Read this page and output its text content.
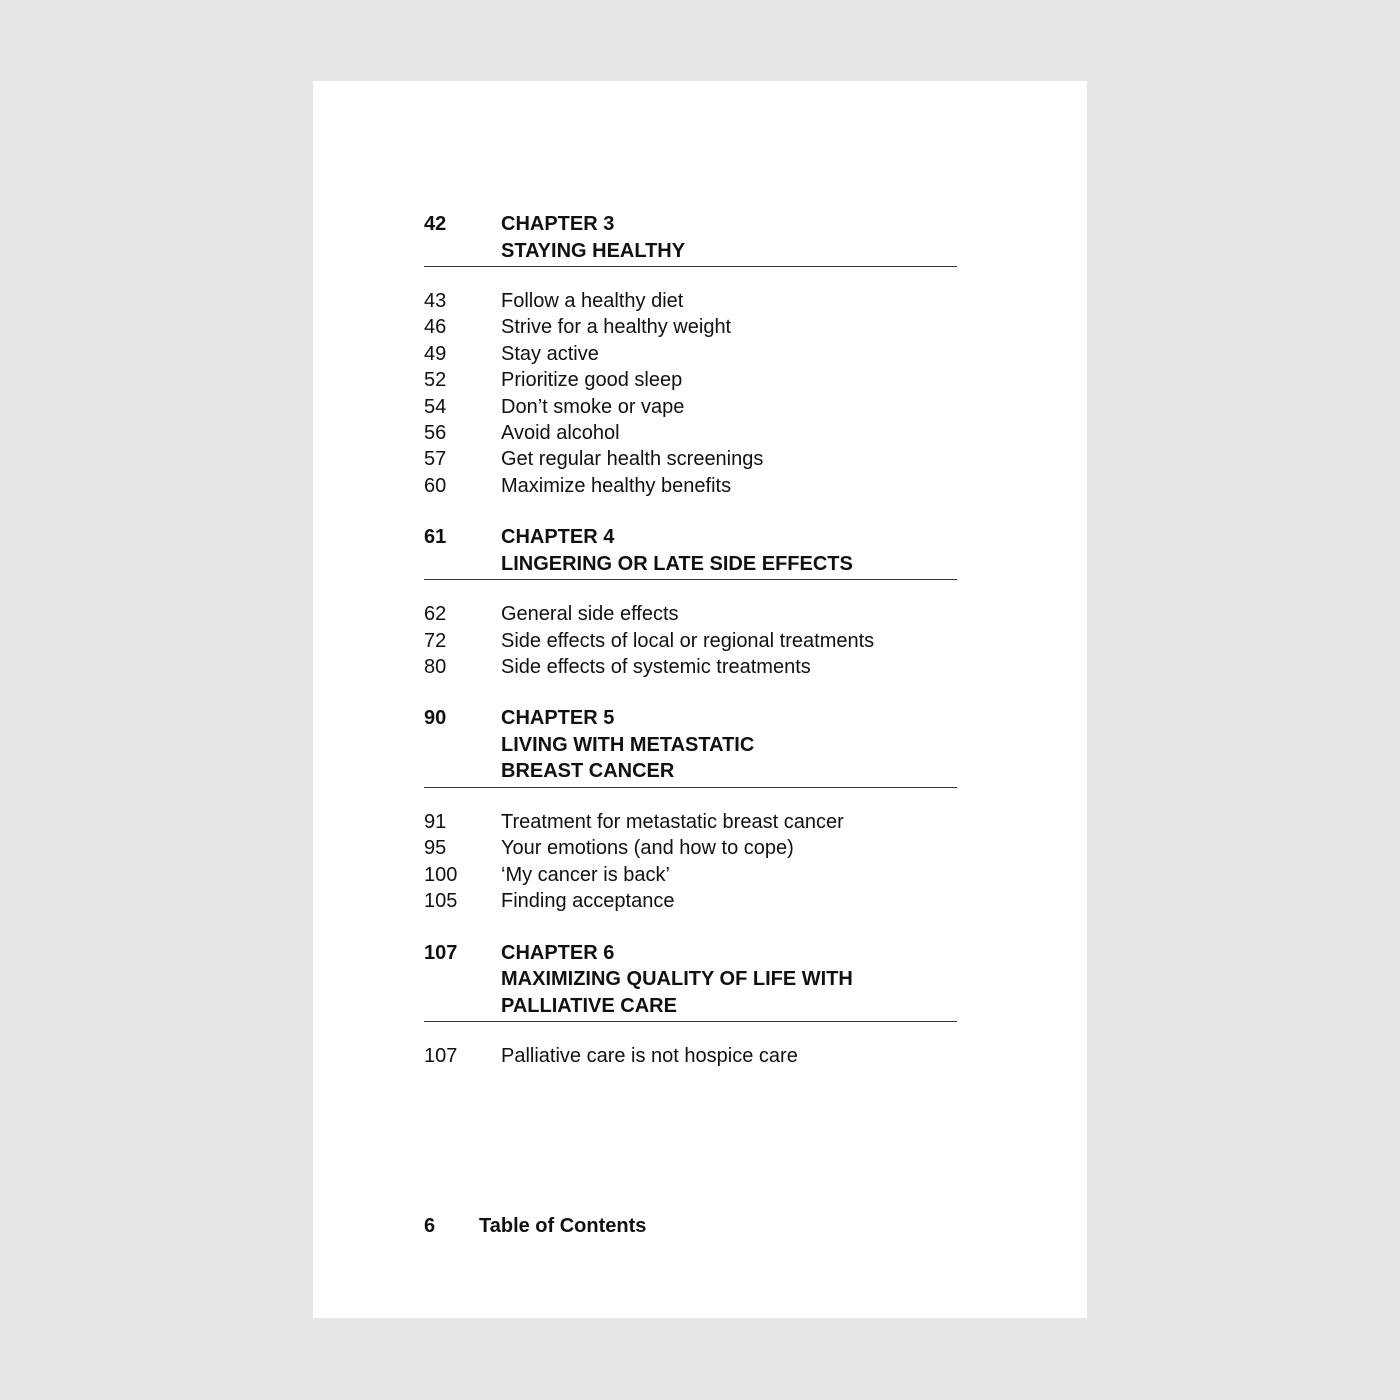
42	CHAPTER 3
STAYING HEALTHY
43	Follow a healthy diet
46	Strive for a healthy weight
49	Stay active
52	Prioritize good sleep
54	Don’t smoke or vape
56	Avoid alcohol
57	Get regular health screenings
60	Maximize healthy benefits
61	CHAPTER 4
LINGERING OR LATE SIDE EFFECTS
62	General side effects
72	Side effects of local or regional treatments
80	Side effects of systemic treatments
90	CHAPTER 5
LIVING WITH METASTATIC
BREAST CANCER
91	Treatment for metastatic breast cancer
95	Your emotions (and how to cope)
100	‘My cancer is back’
105	Finding acceptance
107	CHAPTER 6
MAXIMIZING QUALITY OF LIFE WITH
PALLIATIVE CARE
107	Palliative care is not hospice care
6	Table of Contents
